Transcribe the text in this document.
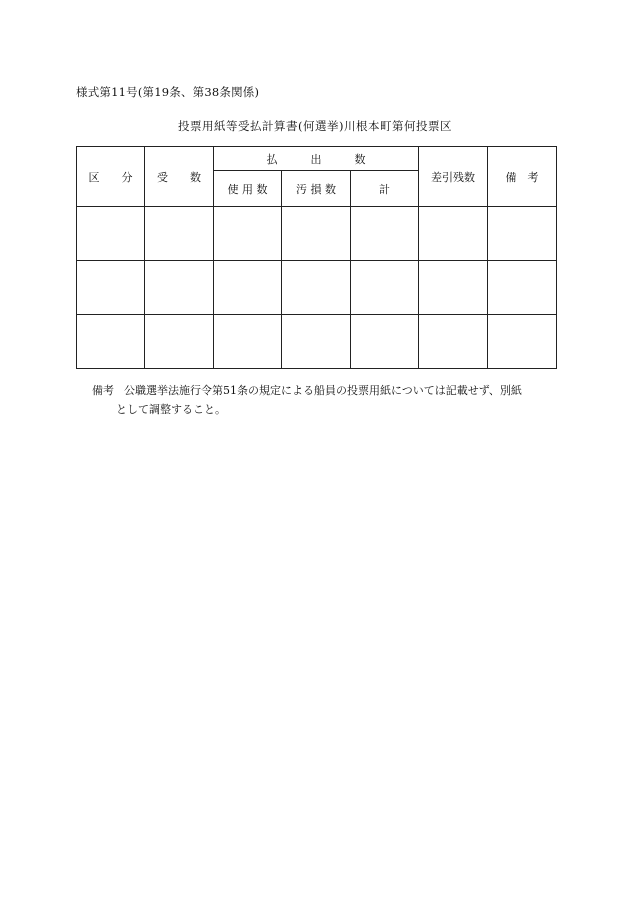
様式第11号(第19条、第38条関係)
投票用紙等受払計算書(何選挙)川根本町第何投票区
区　　分	受　　数	払　　　出　　　数			差引残数	備　考
		使 用 数	汚 損 数	計		

備考 公職選挙法施行令第51条の規定による船員の投票用紙については記載せず、別紙
として調整すること。
